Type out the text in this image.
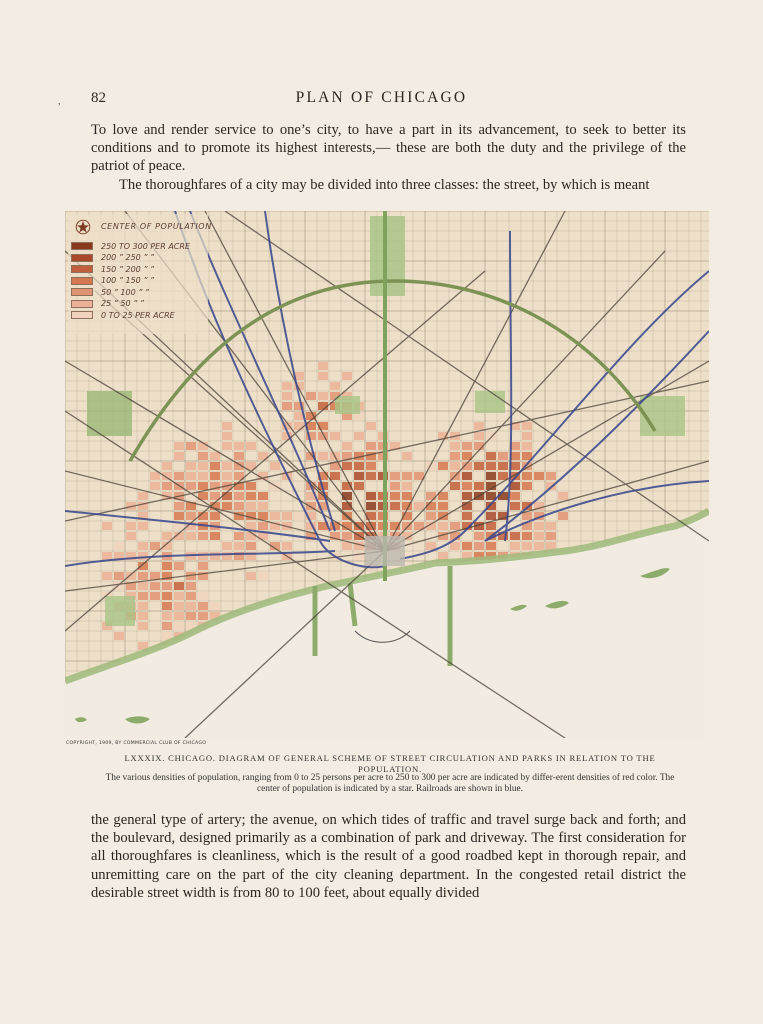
, 82	PLAN OF CHICAGO

To love and render service to one’s city, to have a part in its advancement, to seek to better its conditions and to promote its highest interests,— these are both the duty and the privilege of the patriot of peace.

The thoroughfares of a city may be divided into three classes: the street, by which is meant

CENTER OF POPULATION
250 TO 300 PER ACRE
200 ” 250 ” ”
150 ” 200 ” ”
100 ” 150 ” ”
50 ” 100 ” ”
25 ” 50 ” ”
0 TO 25 PER ACRE
COPYRIGHT, 1909, BY COMMERCIAL CLUB OF CHICAGO
LXXXIX. CHICAGO. DIAGRAM OF GENERAL SCHEME OF STREET CIRCULATION AND PARKS IN RELATION TO THE POPULATION.
The various densities of population, ranging from 0 to 25 persons per acre to 250 to 300 per acre are indicated by differ-erent densities of red color. The center of population is indicated by a star. Railroads are shown in blue.

the general type of artery; the avenue, on which tides of traffic and travel surge back and forth; and the boulevard, designed primarily as a combination of park and driveway. The first consideration for all thoroughfares is cleanliness, which is the result of a good roadbed kept in thorough repair, and unremitting care on the part of the city cleaning department. In the congested retail district the desirable street width is from 80 to 100 feet, about equally divided
